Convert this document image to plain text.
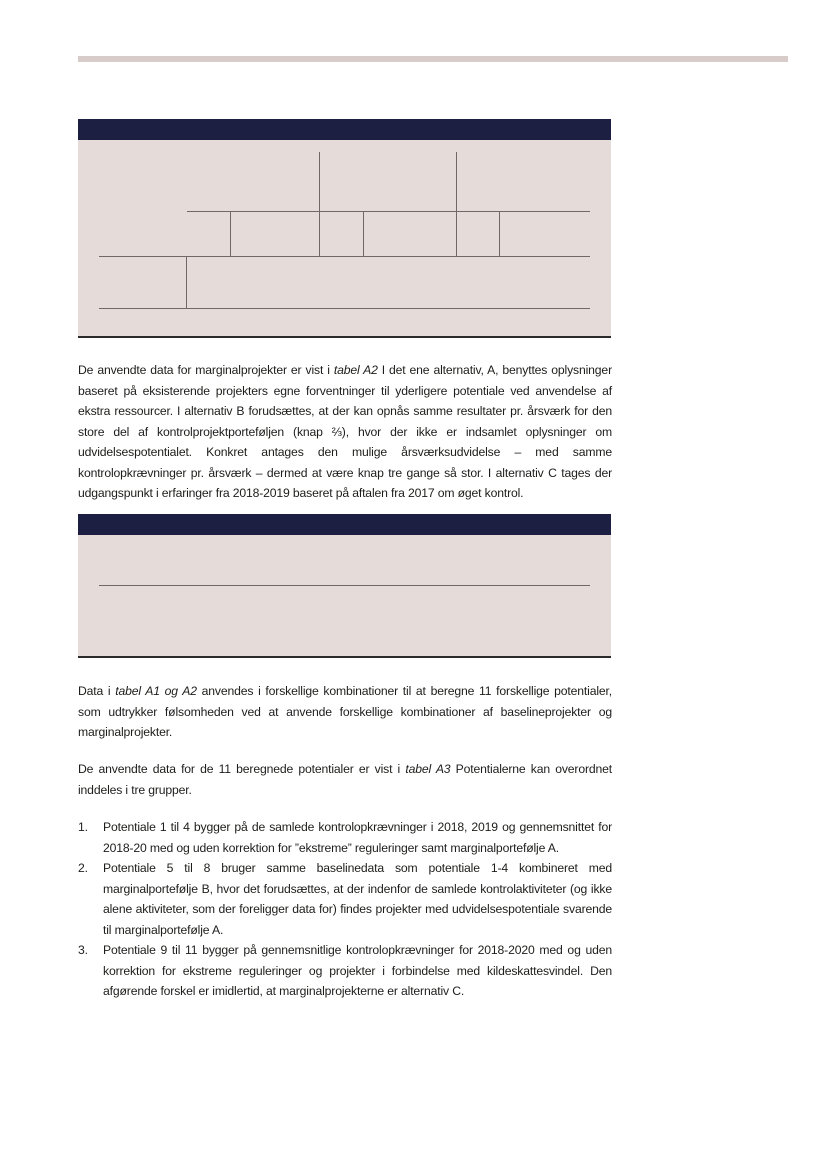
De anvendte data for marginalprojekter er vist i tabel A2 I det ene alternativ, A, benyttes oplysninger baseret på eksisterende projekters egne forventninger til yderligere potentiale ved anvendelse af ekstra ressourcer. I alternativ B forudsættes, at der kan opnås samme resultater pr. årsværk for den store del af kontrolprojektporteføljen (knap ⅔), hvor der ikke er indsamlet oplysninger om udvidelsespotentialet. Konkret antages den mulige årsværksudvidelse – med samme kontrolopkrævninger pr. årsværk – dermed at være knap tre gange så stor. I alternativ C tages der udgangspunkt i erfaringer fra 2018-2019 baseret på aftalen fra 2017 om øget kontrol.

Data i tabel A1 og A2 anvendes i forskellige kombinationer til at beregne 11 forskellige potentialer, som udtrykker følsomheden ved at anvende forskellige kombinationer af baselineprojekter og marginalprojekter.

De anvendte data for de 11 beregnede potentialer er vist i tabel A3 Potentialerne kan overordnet inddeles i tre grupper.

1. Potentiale 1 til 4 bygger på de samlede kontrolopkrævninger i 2018, 2019 og gennemsnittet for 2018-20 med og uden korrektion for ”ekstreme” reguleringer samt marginalportefølje A.
2. Potentiale 5 til 8 bruger samme baselinedata som potentiale 1-4 kombineret med marginalportefølje B, hvor det forudsættes, at der indenfor de samlede kontrolaktiviteter (og ikke alene aktiviteter, som der foreligger data for) findes projekter med udvidelsespotentiale svarende til marginalportefølje A.
3. Potentiale 9 til 11 bygger på gennemsnitlige kontrolopkrævninger for 2018-2020 med og uden korrektion for ekstreme reguleringer og projekter i forbindelse med kildeskattesvindel. Den afgørende forskel er imidlertid, at marginalprojekterne er alternativ C.
